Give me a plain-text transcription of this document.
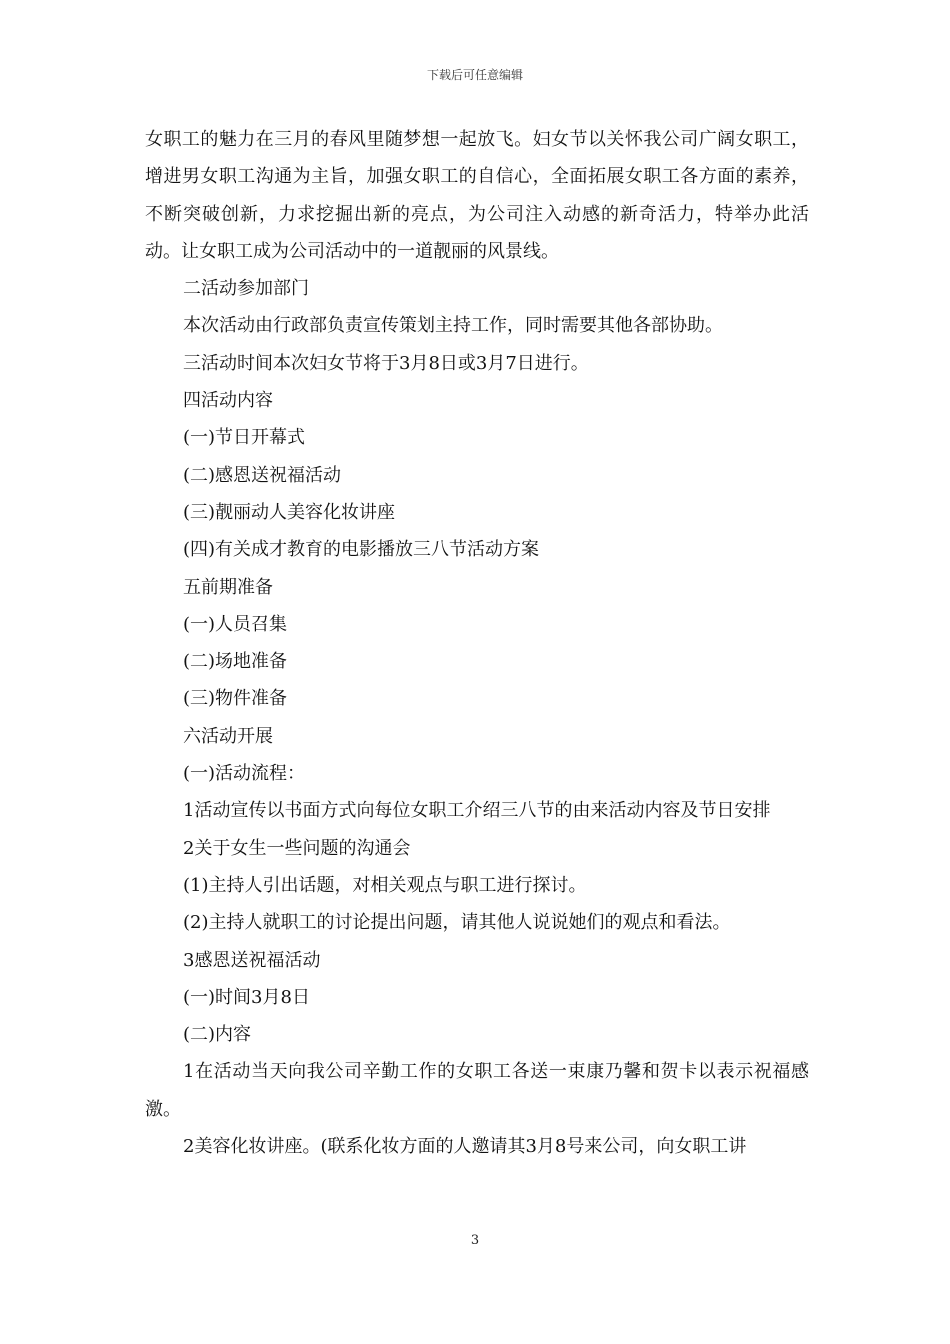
下载后可任意编辑

女职工的魅力在三月的春风里随梦想一起放飞。妇女节以关怀我公司广阔女职工，增进男女职工沟通为主旨，加强女职工的自信心，全面拓展女职工各方面的素养，不断突破创新，力求挖掘出新的亮点，为公司注入动感的新奇活力，特举办此活动。让女职工成为公司活动中的一道靓丽的风景线。

二活动参加部门

本次活动由行政部负责宣传策划主持工作，同时需要其他各部协助。

三活动时间本次妇女节将于3月8日或3月7日进行。

四活动内容

(一)节日开幕式

(二)感恩送祝福活动

(三)靓丽动人美容化妆讲座

(四)有关成才教育的电影播放三八节活动方案

五前期准备

(一)人员召集

(二)场地准备

(三)物件准备

六活动开展

(一)活动流程：

1活动宣传以书面方式向每位女职工介绍三八节的由来活动内容及节日安排

2关于女生一些问题的沟通会

(1)主持人引出话题，对相关观点与职工进行探讨。

(2)主持人就职工的讨论提出问题，请其他人说说她们的观点和看法。

3感恩送祝福活动

(一)时间3月8日

(二)内容

1在活动当天向我公司辛勤工作的女职工各送一束康乃馨和贺卡以表示祝福感激。

2美容化妆讲座。(联系化妆方面的人邀请其3月8号来公司，向女职工讲

3
